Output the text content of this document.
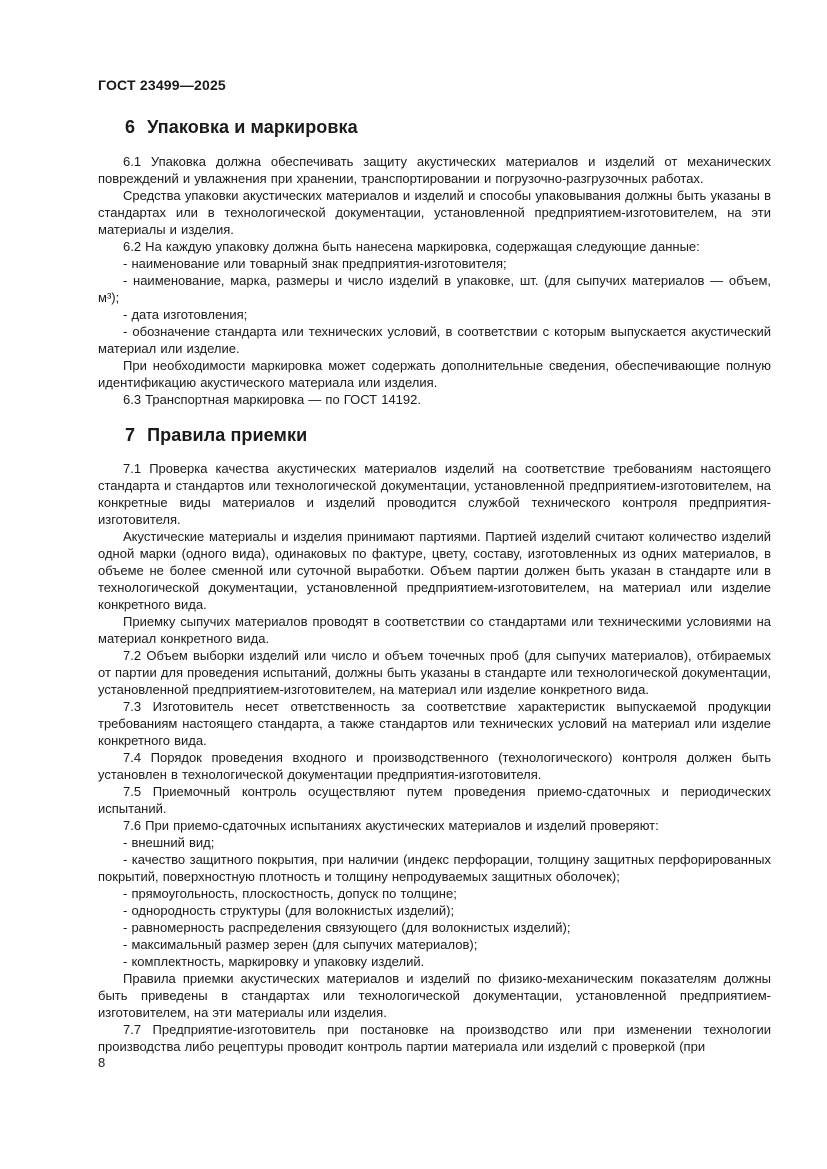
ГОСТ 23499—2025
6 Упаковка и маркировка

6.1 Упаковка должна обеспечивать защиту акустических материалов и изделий от механических повреждений и увлажнения при хранении, транспортировании и погрузочно-разгрузочных работах.

Средства упаковки акустических материалов и изделий и способы упаковывания должны быть указаны в стандартах или в технологической документации, установленной предприятием-изготовителем, на эти материалы и изделия.

6.2 На каждую упаковку должна быть нанесена маркировка, содержащая следующие данные:

- наименование или товарный знак предприятия-изготовителя;

- наименование, марка, размеры и число изделий в упаковке, шт. (для сыпучих материалов — объем, м³);

- дата изготовления;

- обозначение стандарта или технических условий, в соответствии с которым выпускается акустический материал или изделие.

При необходимости маркировка может содержать дополнительные сведения, обеспечивающие полную идентификацию акустического материала или изделия.

6.3 Транспортная маркировка — по ГОСТ 14192.

7 Правила приемки

7.1 Проверка качества акустических материалов изделий на соответствие требованиям настоящего стандарта и стандартов или технологической документации, установленной предприятием-изготовителем, на конкретные виды материалов и изделий проводится службой технического контроля предприятия-изготовителя.

Акустические материалы и изделия принимают партиями. Партией изделий считают количество изделий одной марки (одного вида), одинаковых по фактуре, цвету, составу, изготовленных из одних материалов, в объеме не более сменной или суточной выработки. Объем партии должен быть указан в стандарте или в технологической документации, установленной предприятием-изготовителем, на материал или изделие конкретного вида.

Приемку сыпучих материалов проводят в соответствии со стандартами или техническими условиями на материал конкретного вида.

7.2 Объем выборки изделий или число и объем точечных проб (для сыпучих материалов), отбираемых от партии для проведения испытаний, должны быть указаны в стандарте или технологической документации, установленной предприятием-изготовителем, на материал или изделие конкретного вида.

7.3 Изготовитель несет ответственность за соответствие характеристик выпускаемой продукции требованиям настоящего стандарта, а также стандартов или технических условий на материал или изделие конкретного вида.

7.4 Порядок проведения входного и производственного (технологического) контроля должен быть установлен в технологической документации предприятия-изготовителя.

7.5 Приемочный контроль осуществляют путем проведения приемо-сдаточных и периодических испытаний.

7.6 При приемо-сдаточных испытаниях акустических материалов и изделий проверяют:

- внешний вид;

- качество защитного покрытия, при наличии (индекс перфорации, толщину защитных перфорированных покрытий, поверхностную плотность и толщину непродуваемых защитных оболочек);

- прямоугольность, плоскостность, допуск по толщине;

- однородность структуры (для волокнистых изделий);

- равномерность распределения связующего (для волокнистых изделий);

- максимальный размер зерен (для сыпучих материалов);

- комплектность, маркировку и упаковку изделий.

Правила приемки акустических материалов и изделий по физико-механическим показателям должны быть приведены в стандартах или технологической документации, установленной предприятием-изготовителем, на эти материалы или изделия.

7.7 Предприятие-изготовитель при постановке на производство или при изменении технологии производства либо рецептуры проводит контроль партии материала или изделий с проверкой (при

8
